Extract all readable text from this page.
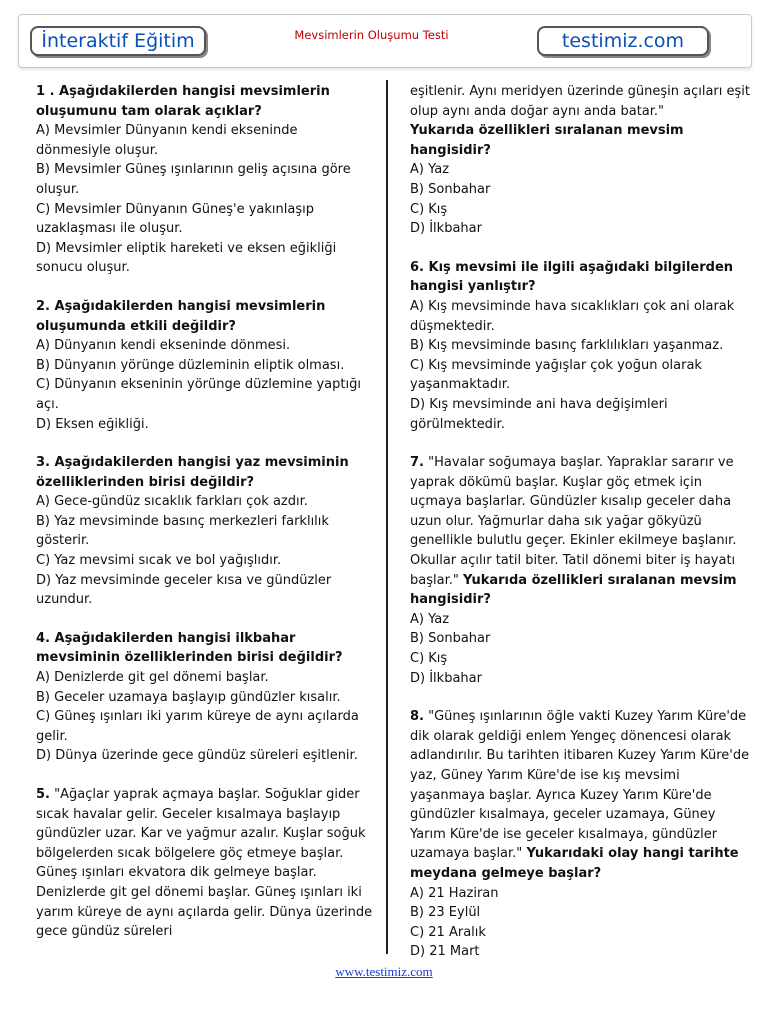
İnteraktif Eğitim	Mevsimlerin Oluşumu Testi	testimiz.com
1 . Aşağıdakilerden hangisi mevsimlerin oluşumunu tam olarak açıklar?
A) Mevsimler Dünyanın kendi ekseninde dönmesiyle oluşur.
B) Mevsimler Güneş ışınlarının geliş açısına göre oluşur.
C) Mevsimler Dünyanın Güneş'e yakınlaşıp uzaklaşması ile oluşur.
D) Mevsimler eliptik hareketi ve eksen eğikliği sonucu oluşur.
2. Aşağıdakilerden hangisi mevsimlerin oluşumunda etkili değildir?
A) Dünyanın kendi ekseninde dönmesi.
B) Dünyanın yörünge düzleminin eliptik olması.
C) Dünyanın ekseninin yörünge düzlemine yaptığı açı.
D) Eksen eğikliği.
3. Aşağıdakilerden hangisi yaz mevsiminin özelliklerinden birisi değildir?
A) Gece-gündüz sıcaklık farkları çok azdır.
B) Yaz mevsiminde basınç merkezleri farklılık gösterir.
C) Yaz mevsimi sıcak ve bol yağışlıdır.
D) Yaz mevsiminde geceler kısa ve gündüzler uzundur.
4. Aşağıdakilerden hangisi ilkbahar mevsiminin özelliklerinden birisi değildir?
A) Denizlerde git gel dönemi başlar.
B) Geceler uzamaya başlayıp gündüzler kısalır.
C) Güneş ışınları iki yarım küreye de aynı açılarda gelir.
D) Dünya üzerinde gece gündüz süreleri eşitlenir.
5. "Ağaçlar yaprak açmaya başlar. Soğuklar gider sıcak havalar gelir. Geceler kısalmaya başlayıp gündüzler uzar. Kar ve yağmur azalır. Kuşlar soğuk bölgelerden sıcak bölgelere göç etmeye başlar. Güneş ışınları ekvatora dik gelmeye başlar. Denizlerde git gel dönemi başlar. Güneş ışınları iki yarım küreye de aynı açılarda gelir. Dünya üzerinde gece gündüz süreleri
eşitlenir. Aynı meridyen üzerinde güneşin açıları eşit olup aynı anda doğar aynı anda batar."
Yukarıda özellikleri sıralanan mevsim hangisidir?
A) Yaz
B) Sonbahar
C) Kış
D) İlkbahar
6. Kış mevsimi ile ilgili aşağıdaki bilgilerden hangisi yanlıştır?
A) Kış mevsiminde hava sıcaklıkları çok ani olarak düşmektedir.
B) Kış mevsiminde basınç farklılıkları yaşanmaz.
C) Kış mevsiminde yağışlar çok yoğun olarak yaşanmaktadır.
D) Kış mevsiminde ani hava değişimleri görülmektedir.
7. "Havalar soğumaya başlar. Yapraklar sararır ve yaprak dökümü başlar. Kuşlar göç etmek için uçmaya başlarlar. Gündüzler kısalıp geceler daha uzun olur. Yağmurlar daha sık yağar gökyüzü genellikle bulutlu geçer. Ekinler ekilmeye başlanır. Okullar açılır tatil biter. Tatil dönemi biter iş hayatı başlar." Yukarıda özellikleri sıralanan mevsim hangisidir?
A) Yaz
B) Sonbahar
C) Kış
D) İlkbahar
8. "Güneş ışınlarının öğle vakti Kuzey Yarım Küre'de dik olarak geldiği enlem Yengeç dönencesi olarak adlandırılır. Bu tarihten itibaren Kuzey Yarım Küre'de yaz, Güney Yarım Küre'de ise kış mevsimi yaşanmaya başlar. Ayrıca Kuzey Yarım Küre'de gündüzler kısalmaya, geceler uzamaya, Güney Yarım Küre'de ise geceler kısalmaya, gündüzler uzamaya başlar." Yukarıdaki olay hangi tarihte meydana gelmeye başlar?
A) 21 Haziran
B) 23 Eylül
C) 21 Aralık
D) 21 Mart
www.testimiz.com
